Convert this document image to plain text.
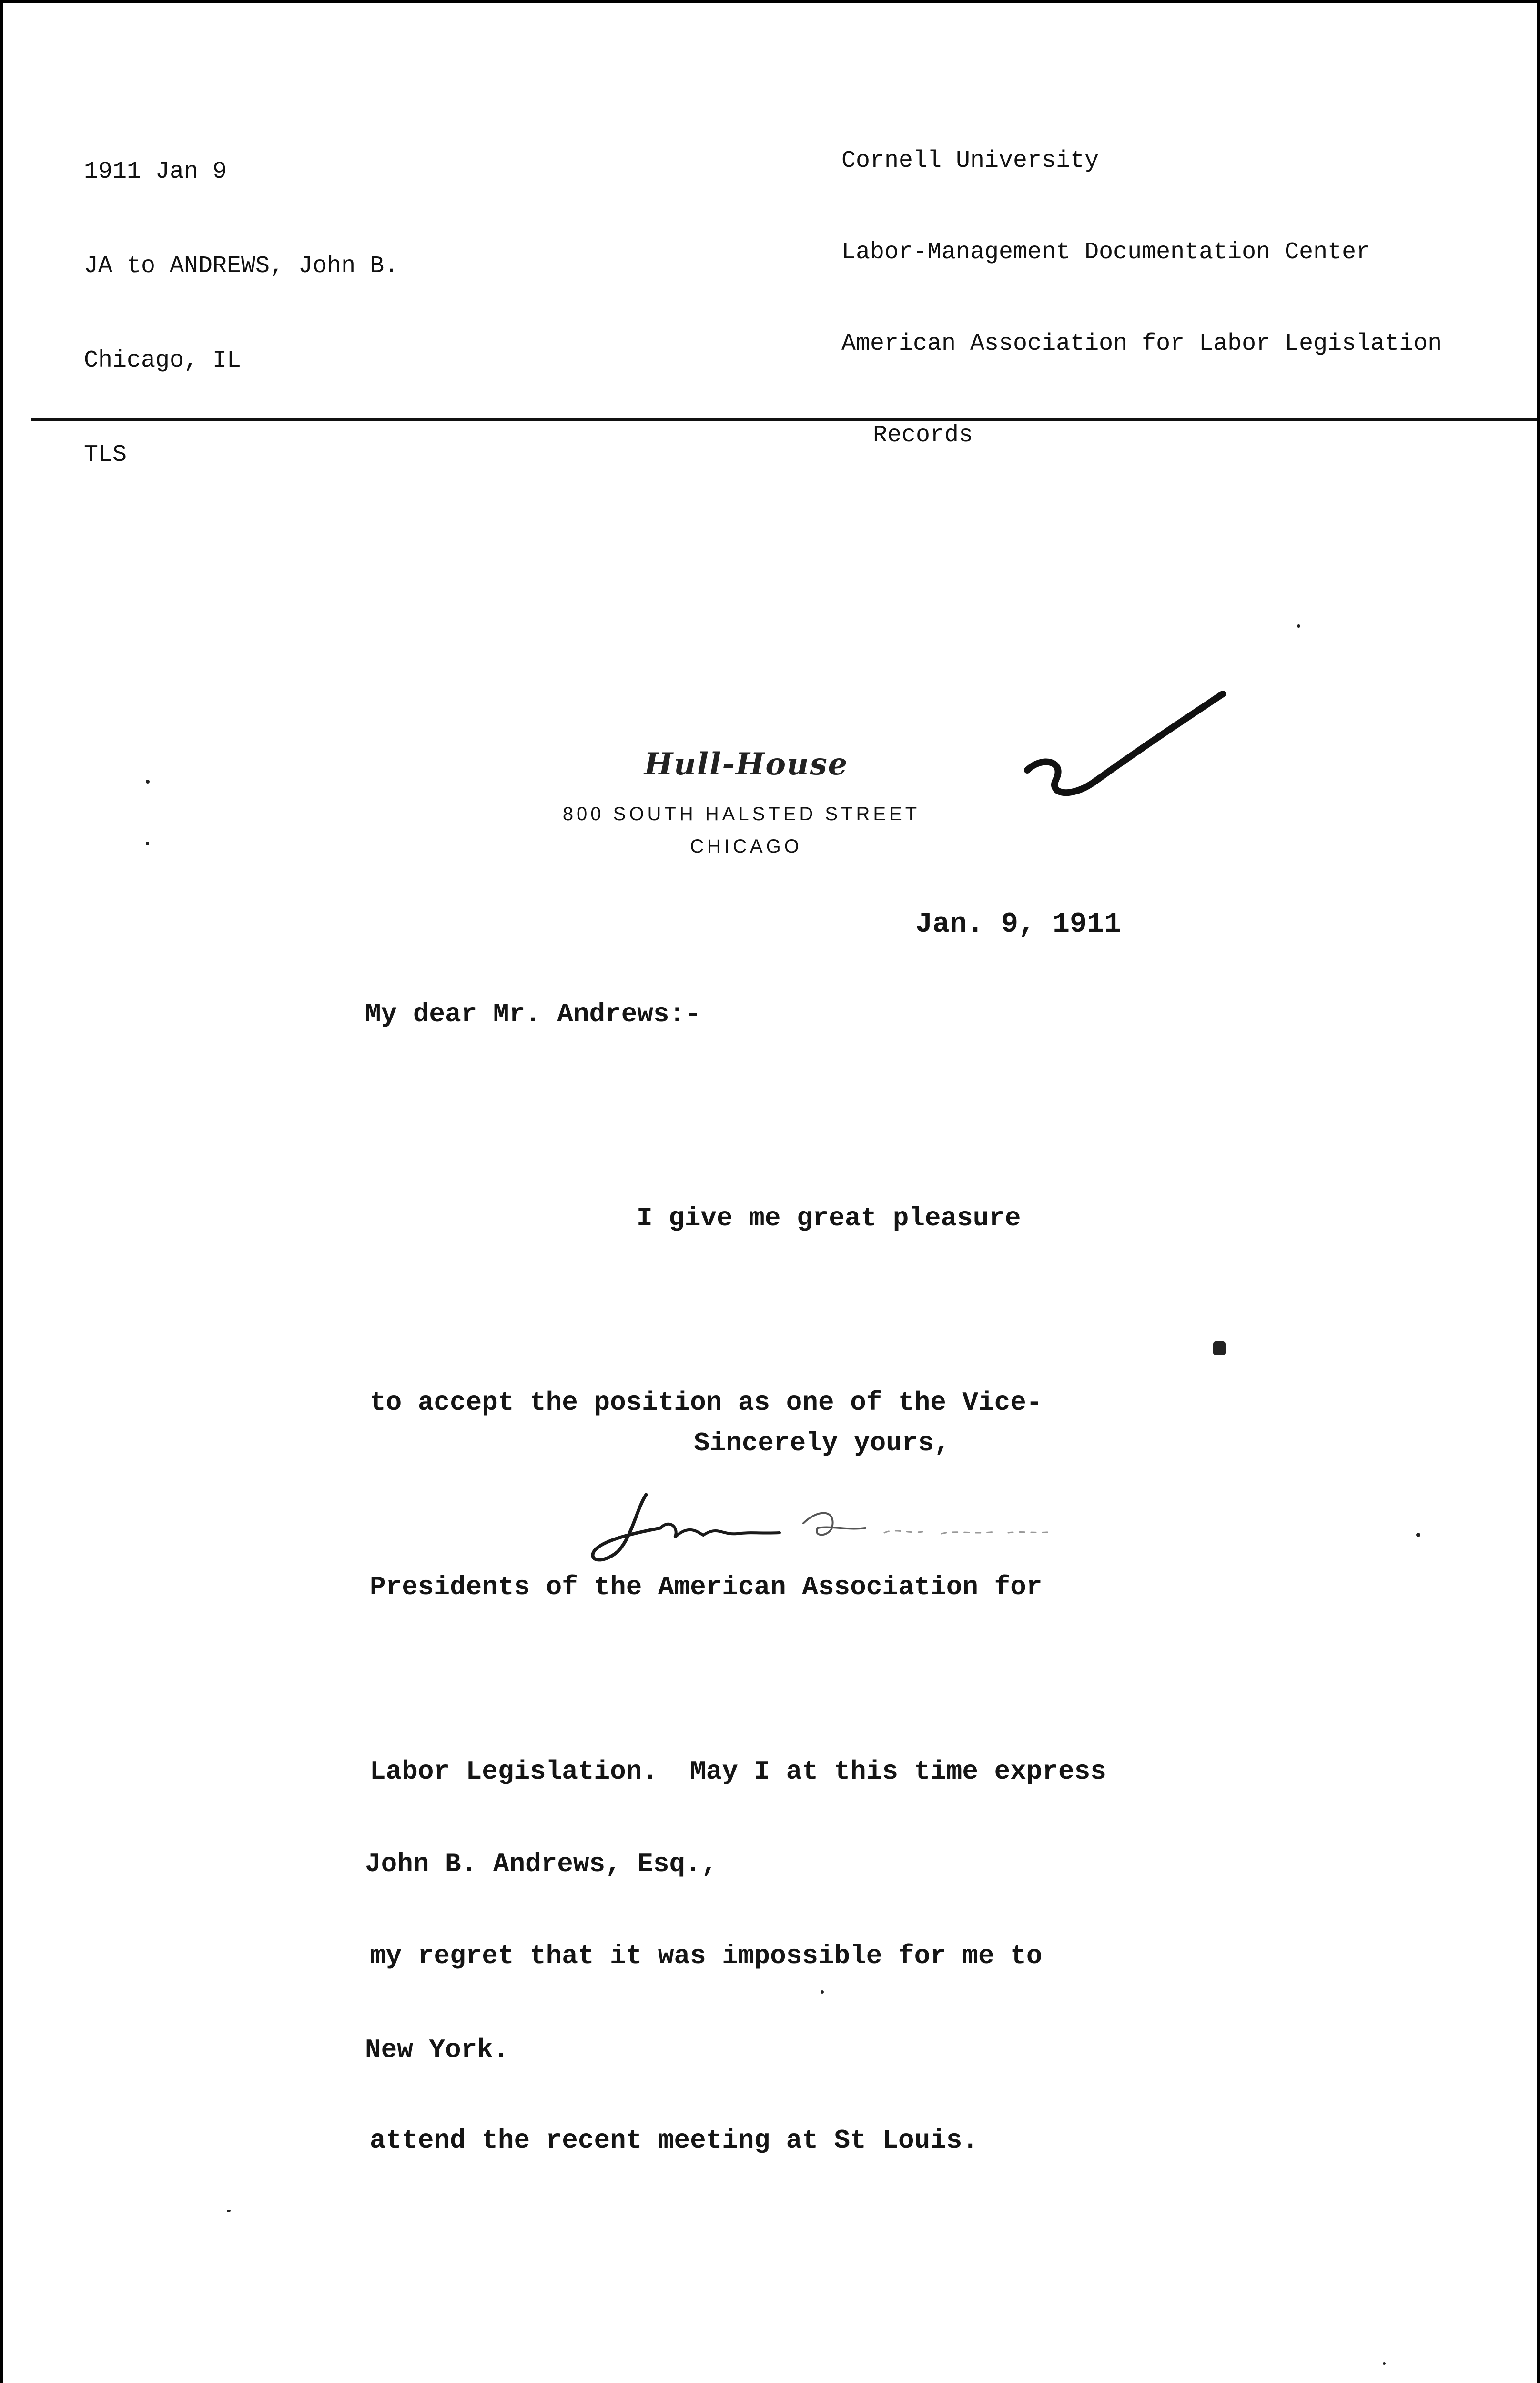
1911 Jan 9

JA to ANDREWS, John B.

Chicago, IL

TLS

Cornell University

Labor-Management Documentation Center

American Association for Labor Legislation

Records

Hull-House
800 SOUTH HALSTED STREET
CHICAGO
Jan. 9, 1911
My dear Mr. Andrews:-

I give me great pleasure

to accept the position as one of the Vice-

Presidents of the American Association for

Labor Legislation.  May I at this time express

my regret that it was impossible for me to

attend the recent meeting at St Louis.

Sincerely yours,

John B. Andrews, Esq.,

New York.
